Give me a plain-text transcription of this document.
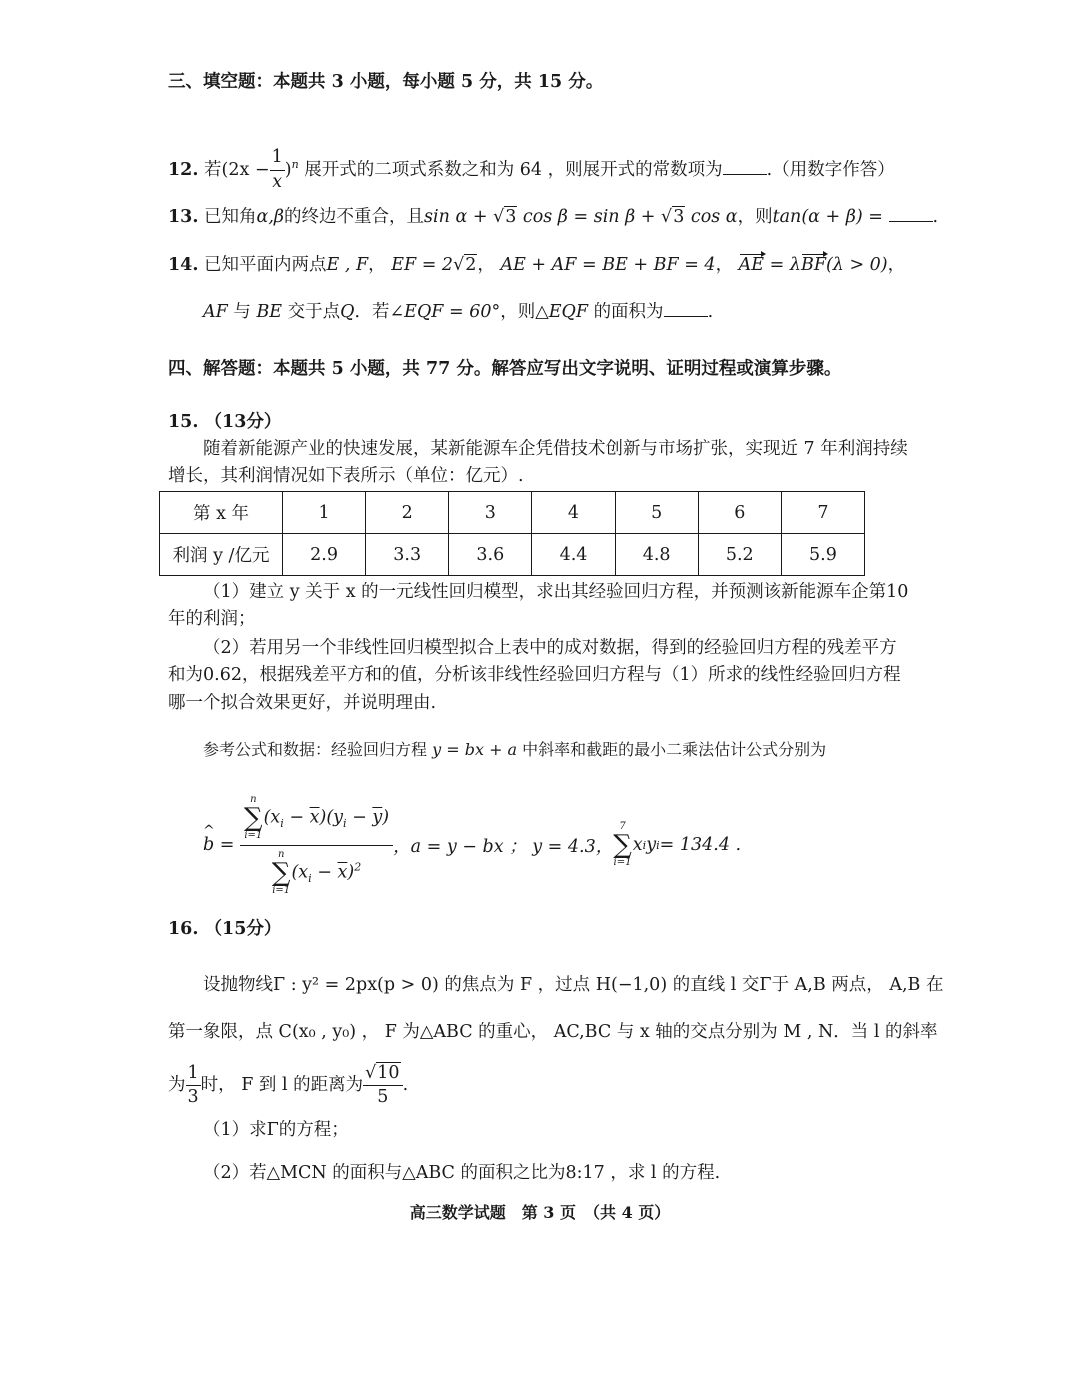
三、填空题：本题共 3 小题，每小题 5 分，共 15 分。
12. 若$(2x - \frac{1}{x} )^n$ 展开式的二项式系数之和为 64 ，则展开式的常数项为	.（用数字作答）
13. 已知角α,β的终边不重合，且sin α + √3 cos β = sin β + √3 cos α，则tan(α + β) =	.
14. 已知平面内两点E , F， EF = 2√2， AE + AF = BE + BF = 4， AE = λBF(λ > 0)，
AF 与 BE 交于点Q．若∠EQF = 60°，则△EQF 的面积为	.
四、解答题：本题共 5 小题，共 77 分。解答应写出文字说明、证明过程或演算步骤。
15. （13分）
随着新能源产业的快速发展，某新能源车企凭借技术创新与市场扩张，实现近 7 年利润持续
增长，其利润情况如下表所示（单位：亿元）.
第 x 年	1	2	3	4	5	6	7
利润 y /亿元	2.9	3.3	3.6	4.4	4.8	5.2	5.9
（1）建立 y 关于 x 的一元线性回归模型，求出其经验回归方程，并预测该新能源车企第10
年的利润；
（2）若用另一个非线性回归模型拟合上表中的成对数据，得到的经验回归方程的残差平方
和为0.62，根据残差平方和的值，分析该非线性经验回归方程与（1）所求的线性经验回归方程
哪一个拟合效果更好，并说明理由.
参考公式和数据：经验回归方程 y = bx + a 中斜率和截距的最小二乘法估计公式分别为
^ b
=
n
∑
i=1
$(x_i - \overline{x})(y_i - \overline{y})$
n
∑
i=1
$(x_i - \overline{x})^2$ ，a = y − bx ；
y = 4.3，
7
∑
i=1
x i y i = 134.4 .
16. （15分）
设抛物线Γ : y² = 2px(p > 0) 的焦点为 F ，过点 H(−1,0) 的直线 l 交Γ于 A,B 两点， A,B 在
第一象限，点 C(x₀ , y₀) ， F 为△ABC 的重心， AC,BC 与 x 轴的交点分别为 M , N．当 l 的斜率
为 $\frac{1}{3}$ 时， F 到 l 的距离为 $\frac{√10}{5}$ .
（1）求Γ的方程；
（2）若△MCN 的面积与△ABC 的面积之比为8:17 ，求 l 的方程.
高三数学试题　第 3 页　（共 4 页）
